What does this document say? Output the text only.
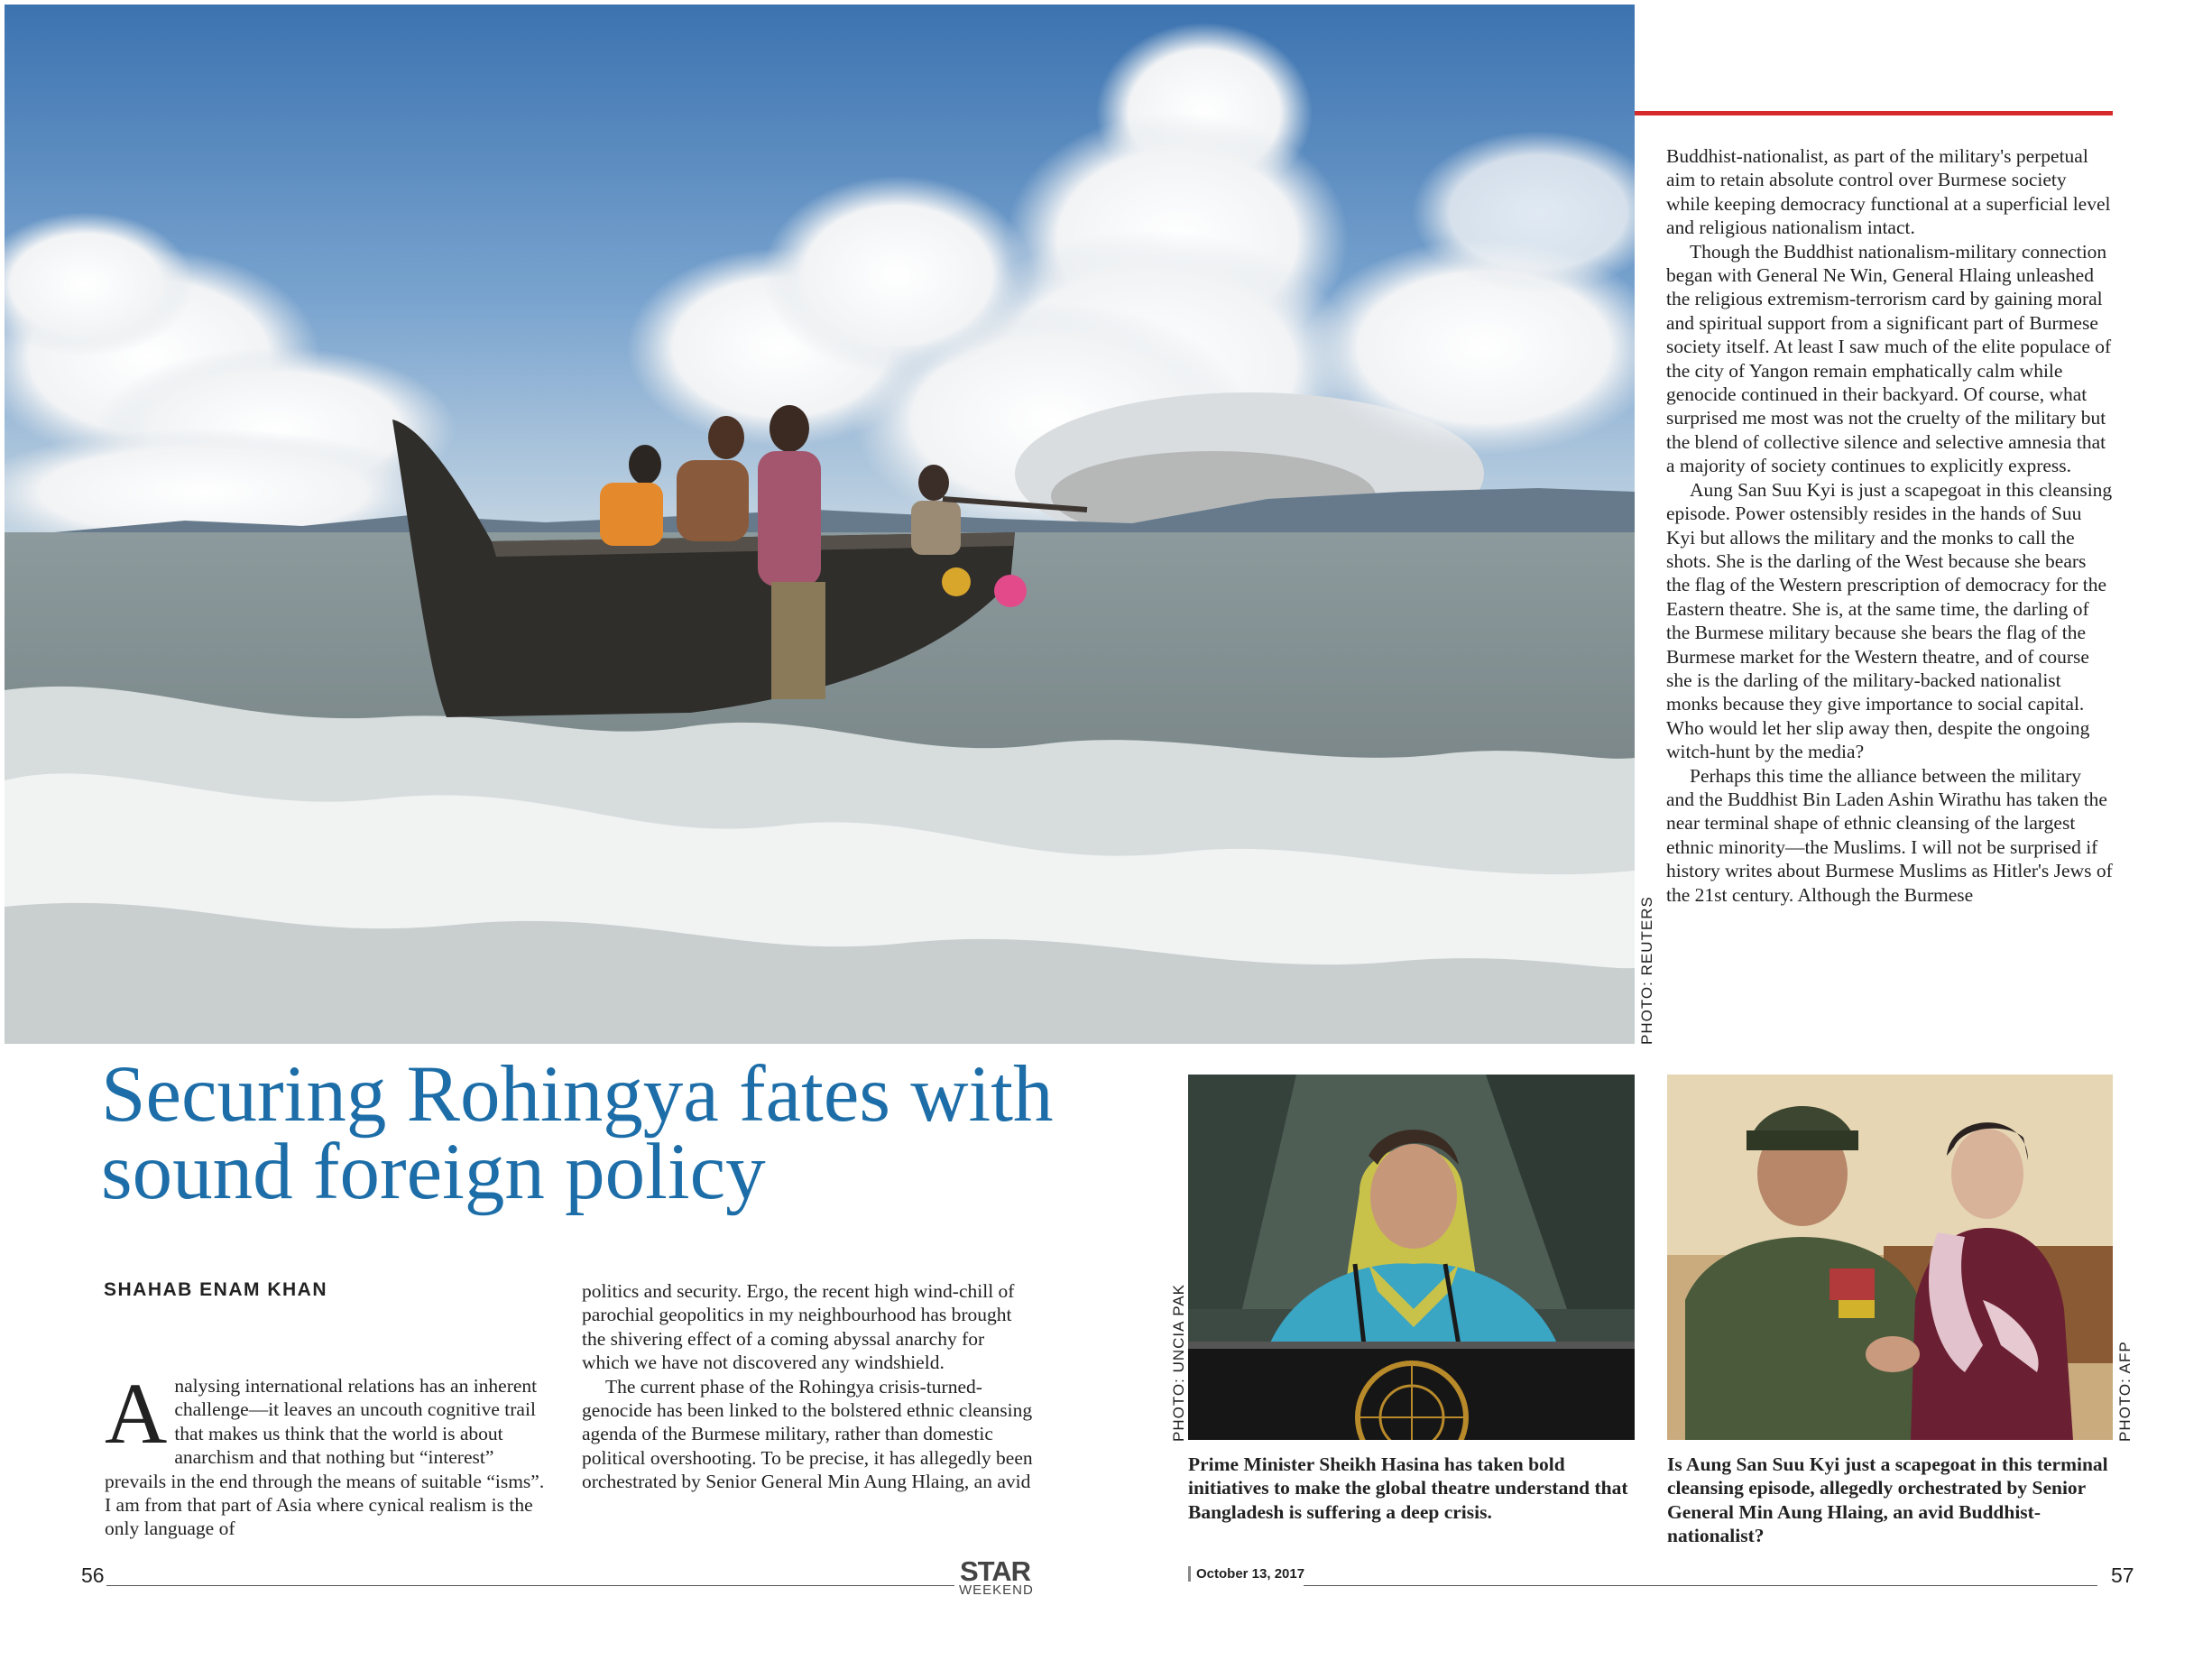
PHOTO: REUTERS

Buddhist-nationalist, as part of the military's perpetual aim to retain absolute control over Burmese society while keeping democracy functional at a superficial level and religious nationalism intact.

Though the Buddhist nationalism-military connection began with General Ne Win, General Hlaing unleashed the religious extremism-terrorism card by gaining moral and spiritual support from a significant part of Burmese society itself. At least I saw much of the elite populace of the city of Yangon remain emphatically calm while genocide continued in their backyard. Of course, what surprised me most was not the cruelty of the military but the blend of collective silence and selective amnesia that a majority of society continues to explicitly express.

Aung San Suu Kyi is just a scapegoat in this cleansing episode. Power ostensibly resides in the hands of Suu Kyi but allows the military and the monks to call the shots. She is the darling of the West because she bears the flag of the Western prescription of democracy for the Eastern theatre. She is, at the same time, the darling of the Burmese military because she bears the flag of the Burmese market for the Western theatre, and of course she is the darling of the military-backed nationalist monks because they give importance to social capital. Who would let her slip away then, despite the ongoing witch-hunt by the media?

Perhaps this time the alliance between the military and the Buddhist Bin Laden Ashin Wirathu has taken the near terminal shape of ethnic cleansing of the largest ethnic minority—the Muslims. I will not be surprised if history writes about Burmese Muslims as Hitler's Jews of the 21st century. Although the Burmese

Securing Rohingya fates with sound foreign policy
SHAHAB ENAM KHAN

Analysing international relations has an inherent challenge—it leaves an uncouth cognitive trail that makes us think that the world is about anarchism and that nothing but “interest” prevails in the end through the means of suitable “isms”. I am from that part of Asia where cynical realism is the only language of

politics and security. Ergo, the recent high wind-chill of parochial geopolitics in my neighbourhood has brought the shivering effect of a coming abyssal anarchy for which we have not discovered any windshield.

The current phase of the Rohingya crisis-turned-genocide has been linked to the bolstered ethnic cleansing agenda of the Burmese military, rather than domestic political overshooting. To be precise, it has allegedly been orchestrated by Senior General Min Aung Hlaing, an avid

PHOTO: UNCIA PAK
Prime Minister Sheikh Hasina has taken bold initiatives to make the global theatre understand that Bangladesh is suffering a deep crisis.
PHOTO: AFP
Is Aung San Suu Kyi just a scapegoat in this terminal cleansing episode, allegedly orchestrated by Senior General Min Aung Hlaing, an avid Buddhist-nationalist?
56	STAR
WEEKEND
October 13, 2017	57
